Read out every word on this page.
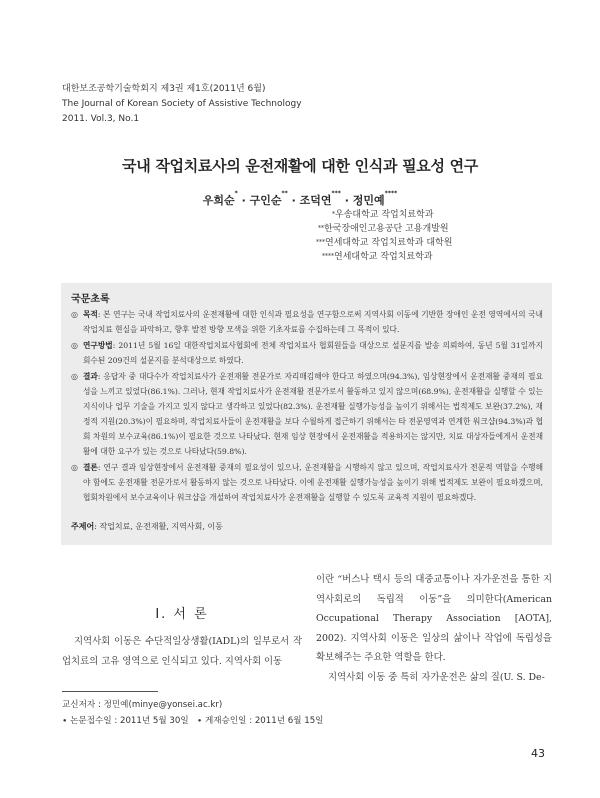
대한보조공학기술학회지 제3권 제1호(2011년 6월)
The Journal of Korean Society of Assistive Technology
2011. Vol.3, No.1
국내 작업치료사의 운전재활에 대한 인식과 필요성 연구
우희순* · 구인순** · 조덕연*** · 정민예****
*우송대학교 작업치료학과
**한국장애인고용공단 고용개발원
***연세대학교 작업치료학과 대학원
****연세대학교 작업치료학과
국문초록
◎ 목적: 본 연구는 국내 작업치료사의 운전재활에 대한 인식과 필요성을 연구함으로써 지역사회 이동에 기반한 장애인 운전 영역에서의 국내 작업치료 현실을 파악하고, 향후 발전 방향 모색을 위한 기초자료를 수집하는데 그 목적이 있다.
◎ 연구방법: 2011년 5월 16일 대한작업치료사협회에 전체 작업치료사 협회원들을 대상으로 설문지를 발송 의뢰하여, 동년 5월 31일까지 회수된 209건의 설문지를 분석대상으로 하였다.
◎ 결과: 응답자 중 대다수가 작업치료사가 운전재활 전문가로 자리매김해야 한다고 하였으며(94.3%), 임상현장에서 운전재활 중재의 필요성을 느끼고 있었다(86.1%). 그러나, 현재 작업치료사가 운전재활 전문가로서 활동하고 있지 않으며(68.9%), 운전재활을 실행할 수 있는 지식이나 업무 기술을 가지고 있지 않다고 생각하고 있었다(82.3%). 운전재활 실행가능성을 높이기 위해서는 법적제도 보완(37.2%), 재정적 지원(20.3%)이 필요하며, 작업치료사들이 운전재활을 보다 수월하게 접근하기 위해서는 타 전문영역과 연계한 워크샵(94.3%)과 협회 차원의 보수교육(86.1%)이 필요한 것으로 나타났다. 현재 임상 현장에서 운전재활을 적용하지는 않지만, 치료 대상자들에게서 운전재활에 대한 요구가 있는 것으로 나타났다(59.8%).
◎ 결론: 연구 결과 임상현장에서 운전재활 중재의 필요성이 있으나, 운전재활을 시행하지 않고 있으며, 작업치료사가 전문적 역할을 수행해야 함에도 운전재활 전문가로서 활동하지 않는 것으로 나타났다. 이에 운전재활 실행가능성을 높이기 위해 법적제도 보완이 필요하겠으며, 협회차원에서 보수교육이나 워크샵을 개설하여 작업치료사가 운전재활을 실행할 수 있도록 교육적 지원이 필요하겠다.
주제어: 작업치료, 운전재활, 지역사회, 이동
I. 서 론
지역사회 이동은 수단적일상생활(IADL)의 일부로서 작업치료의 고유 영역으로 인식되고 있다. 지역사회 이동
이란 “버스나 택시 등의 대중교통이나 자가운전을 통한 지역사회로의 독립적 이동”을 의미한다(American Occupational Therapy Association [AOTA], 2002). 지역사회 이동은 일상의 삶이나 작업에 독립성을 확보해주는 주요한 역할을 한다.
지역사회 이동 중 특히 자가운전은 삶의 질(U. S. De-
교신저자 : 정민예(minye@yonsei.ac.kr)
∙ 논문접수일 : 2011년 5월 30일 ∙ 게재승인일 : 2011년 6월 15일
43
